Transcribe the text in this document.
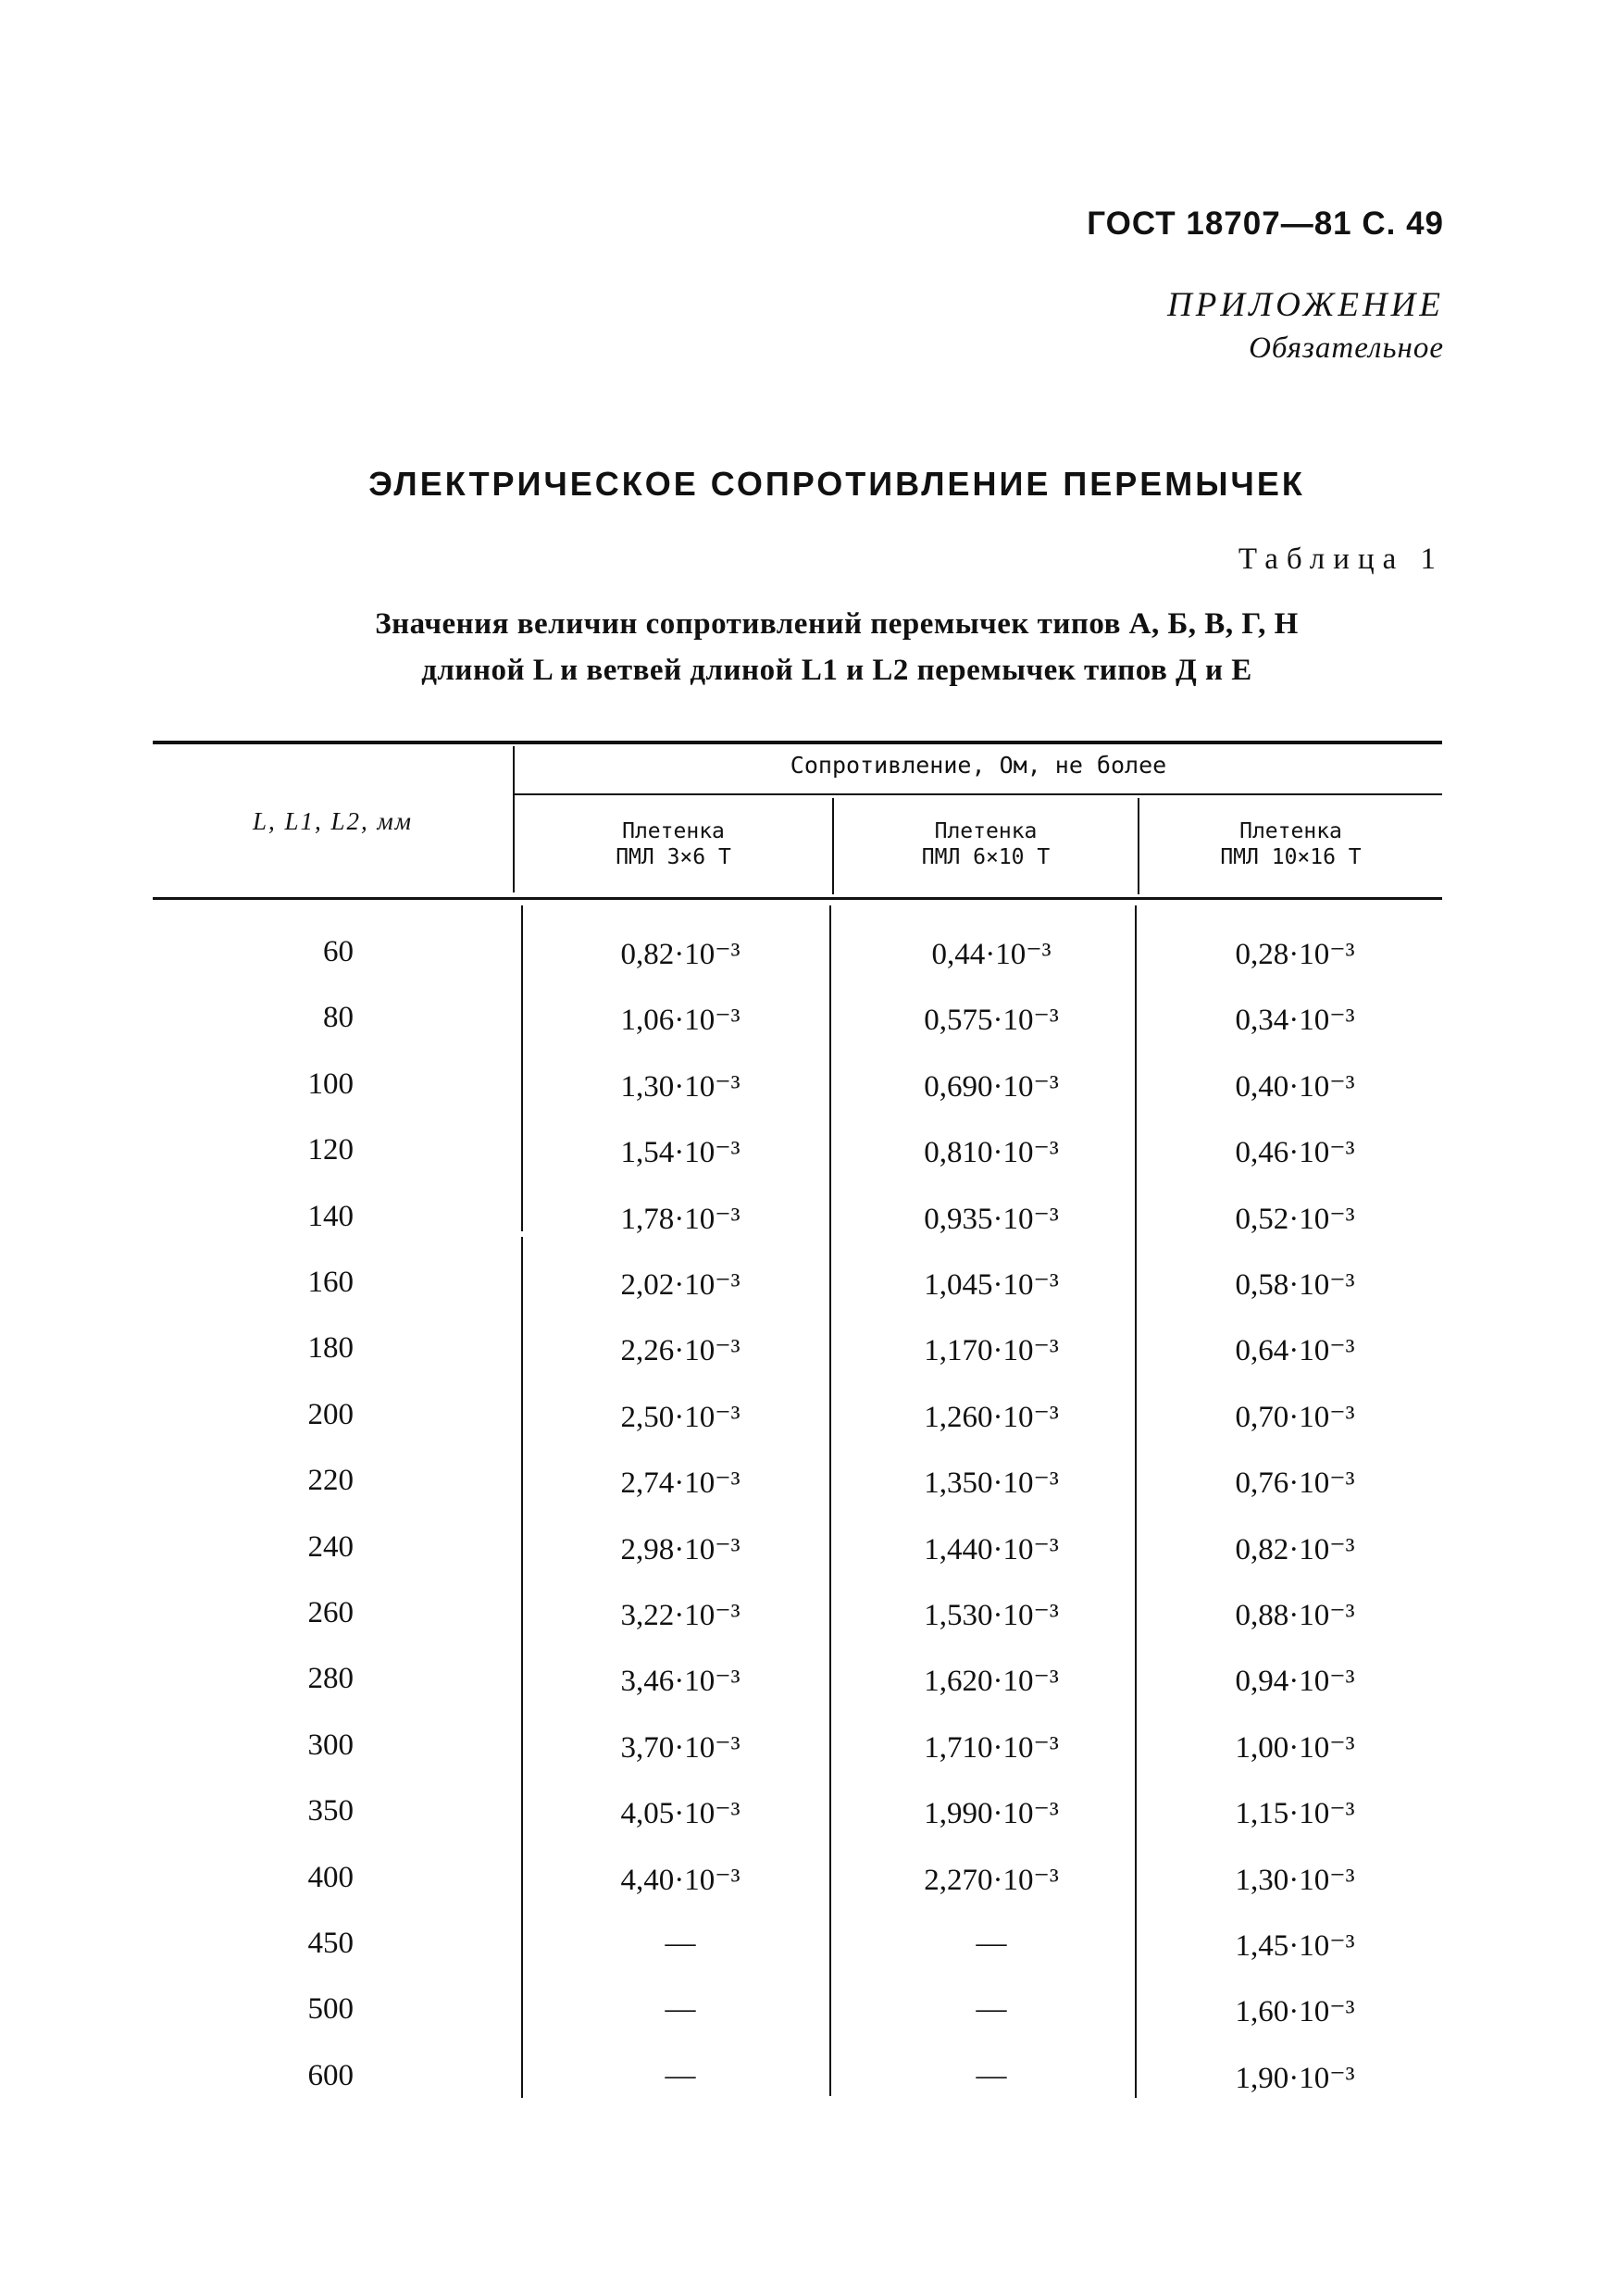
ГОСТ 18707—81 С. 49
ПРИЛОЖЕНИЕ
Обязательное
ЭЛЕКТРИЧЕСКОЕ СОПРОТИВЛЕНИЕ ПЕРЕМЫЧЕК
Таблица 1
Значения величин сопротивлений перемычек типов А, Б, В, Г, Н
длиной L и ветвей длиной L1 и L2 перемычек типов Д и Е
L, L1, L2, мм
Сопротивление, Ом, не более
Плетенка
ПМЛ 3×6 Т
Плетенка
ПМЛ 6×10 Т
Плетенка
ПМЛ 10×16 Т
60	0,82·10⁻³	0,44·10⁻³	0,28·10⁻³
80	1,06·10⁻³	0,575·10⁻³	0,34·10⁻³
100	1,30·10⁻³	0,690·10⁻³	0,40·10⁻³
120	1,54·10⁻³	0,810·10⁻³	0,46·10⁻³
140	1,78·10⁻³	0,935·10⁻³	0,52·10⁻³
160	2,02·10⁻³	1,045·10⁻³	0,58·10⁻³
180	2,26·10⁻³	1,170·10⁻³	0,64·10⁻³
200	2,50·10⁻³	1,260·10⁻³	0,70·10⁻³
220	2,74·10⁻³	1,350·10⁻³	0,76·10⁻³
240	2,98·10⁻³	1,440·10⁻³	0,82·10⁻³
260	3,22·10⁻³	1,530·10⁻³	0,88·10⁻³
280	3,46·10⁻³	1,620·10⁻³	0,94·10⁻³
300	3,70·10⁻³	1,710·10⁻³	1,00·10⁻³
350	4,05·10⁻³	1,990·10⁻³	1,15·10⁻³
400	4,40·10⁻³	2,270·10⁻³	1,30·10⁻³
450	—	—	1,45·10⁻³
500	—	—	1,60·10⁻³
600	—	—	1,90·10⁻³
